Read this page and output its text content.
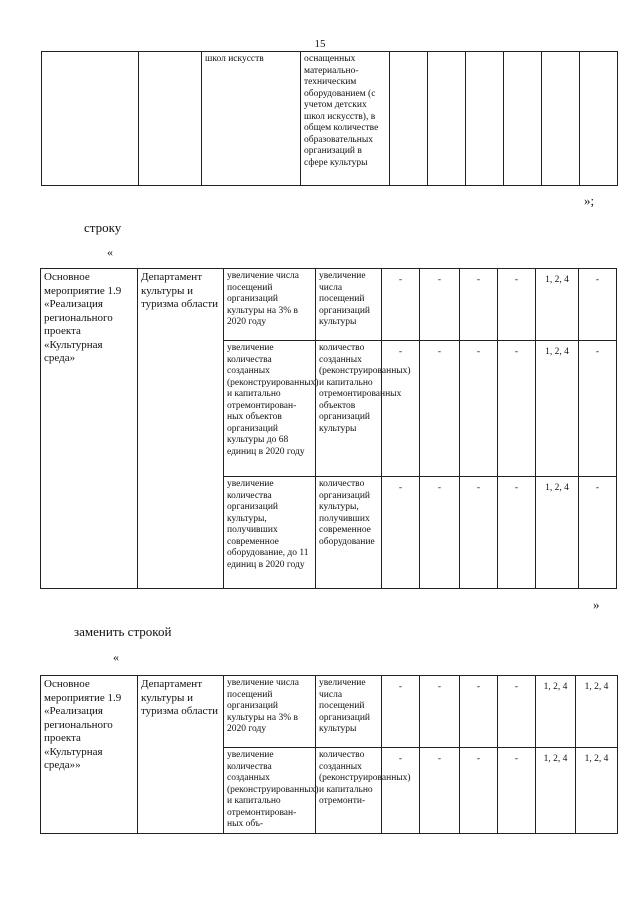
15
		школ искусств	оснащенных материально-техническим оборудованием (с учетом детских школ искусств), в общем количестве образовательных организаций в сфере культуры						
»;
строку
«
Основное мероприятие 1.9 «Реализация регионального проекта «Культурная среда»	Департамент культуры и туризма области	увеличение числа посещений организаций культуры на 3% в 2020 году	увеличение числа посещений организаций культуры	-	-	-	-	1, 2, 4	-
		увеличение количества созданных (реконструированных) и капитально отремонтирован-ных объектов организаций культуры до 68 единиц в 2020 году	количество созданных (реконструированных) и капитально отремонтированных объектов организаций культуры	-	-	-	-	1, 2, 4	-
		увеличение количества организаций культуры, получивших современное оборудование, до 11 единиц в 2020 году	количество организаций культуры, получивших современное оборудование	-	-	-	-	1, 2, 4	-
»
заменить строкой
«
Основное мероприятие 1.9 «Реализация регионального проекта «Культурная среда»»	Департамент культуры и туризма области	увеличение числа посещений организаций культуры на 3% в 2020 году	увеличение числа посещений организаций культуры	-	-	-	-	1, 2, 4	1, 2, 4
		увеличение количества созданных (реконструированных) и капитально отремонтирован-ных объ-	количество созданных (реконструированных) и капитально отремонти-	-	-	-	-	1, 2, 4	1, 2, 4
